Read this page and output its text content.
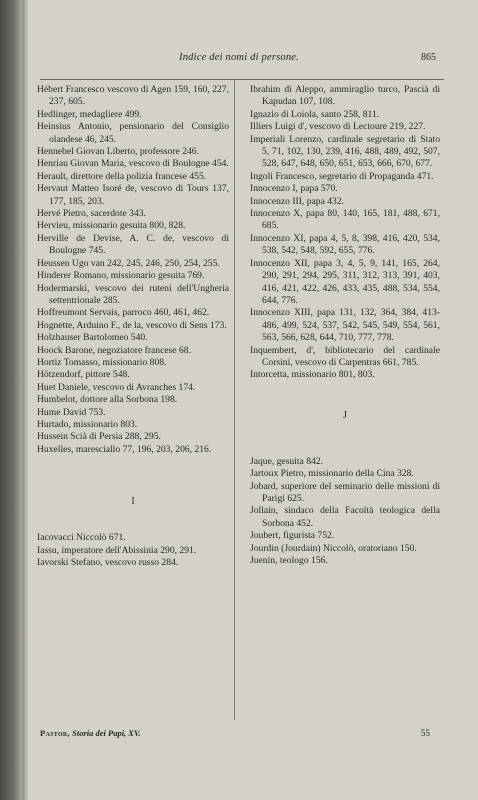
Indice dei nomi di persone.	865

Hébert Francesco vescovo di Agen 159, 160, 227, 237, 605.

Hedlinger, medagliere 499.

Heinsius Antonio, pensionario del Consiglio olandese 46, 245.

Hennebel Giovan Liberto, professore 246.

Henriau Giovan Maria, vescovo di Boulogne 454.

Herault, direttore della polizia francese 455.

Hervaut Matteo Isoré de, vescovo di Tours 137, 177, 185, 203.

Hervé Pietro, sacerdote 343.

Hervieu, missionario gesuita 800, 828.

Herville de Devise, A. C. de, vescovo di Boulogne 745.

Heussen Ugo van 242, 245, 246, 250, 254, 255.

Hinderer Romano, missionario gesuita 769.

Hodermarski, vescovo dei ruteni dell'Ungheria settentrionale 285.

Hoffreumont Servais, parroco 460, 461, 462.

Hognette, Arduino F., de la, vescovo di Sens 173.

Holzhauser Bartolomeo 540.

Hoock Barone, negoziatore francese 68.

Hortiz Tomasso, missionario 808.

Hötzendorf, pittore 548.

Huet Daniele, vescovo di Avranches 174.

Humbelot, dottore alla Sorbona 198.

Hume David 753.

Hurtado, missionario 803.

Hussein Scià di Persia 288, 295.

Huxelles, maresciallo 77, 196, 203, 206, 216.

I

Iacovacci Niccolò 671.

Iassu, imperatore dell'Abissinia 290, 291.

Iavorski Stefano, vescovo russo 284.

Ibrahim di Aleppo, ammiraglio turco, Pascià di Kapudan 107, 108.

Ignazio di Loiola, santo 258, 811.

Illiers Luigi d', vescovo di Lectoure 219, 227.

Imperiali Lorenzo, cardinale segretario di Stato 5, 71, 102, 130, 239, 416, 488, 489, 492, 507, 528, 647, 648, 650, 651, 653, 666, 670, 677.

Ingoli Francesco, segretario di Propaganda 471.

Innocenzo I, papa 570.

Innocenzo III, papa 432.

Innocenzo X, papa 80, 140, 165, 181, 488, 671, 685.

Innocenzo XI, papa 4, 5, 8, 398, 416, 420, 534, 538, 542, 548, 592, 655, 776.

Innocenzo XII, papa 3, 4, 5, 9, 141, 165, 264, 290, 291, 294, 295, 311, 312, 313, 391, 403, 416, 421, 422, 426, 433, 435, 488, 534, 554, 644, 776.

Innocenzo XIII, papa 131, 132, 364, 384, 413-486, 499, 524, 537, 542, 545, 549, 554, 561, 563, 566, 628, 644, 710, 777, 778.

Inquembert, d', bibliotecario del cardinale Corsini, vescovo di Carpentras 661, 785.

Intorcetta, missionario 801, 803.

J

Jaque, gesuita 842.

Jartoux Pietro, missionario della Cina 328.

Jobard, superiore del seminario delle missioni di Parigi 625.

Jollain, sindaco della Facoltà teologica della Sorbona 452.

Joubert, figurista 752.

Jourdin (Jourdain) Niccolò, oratoriano 150.

Juenin, teologo 156.

Pastor, Storia dei Papi, XV.	55
